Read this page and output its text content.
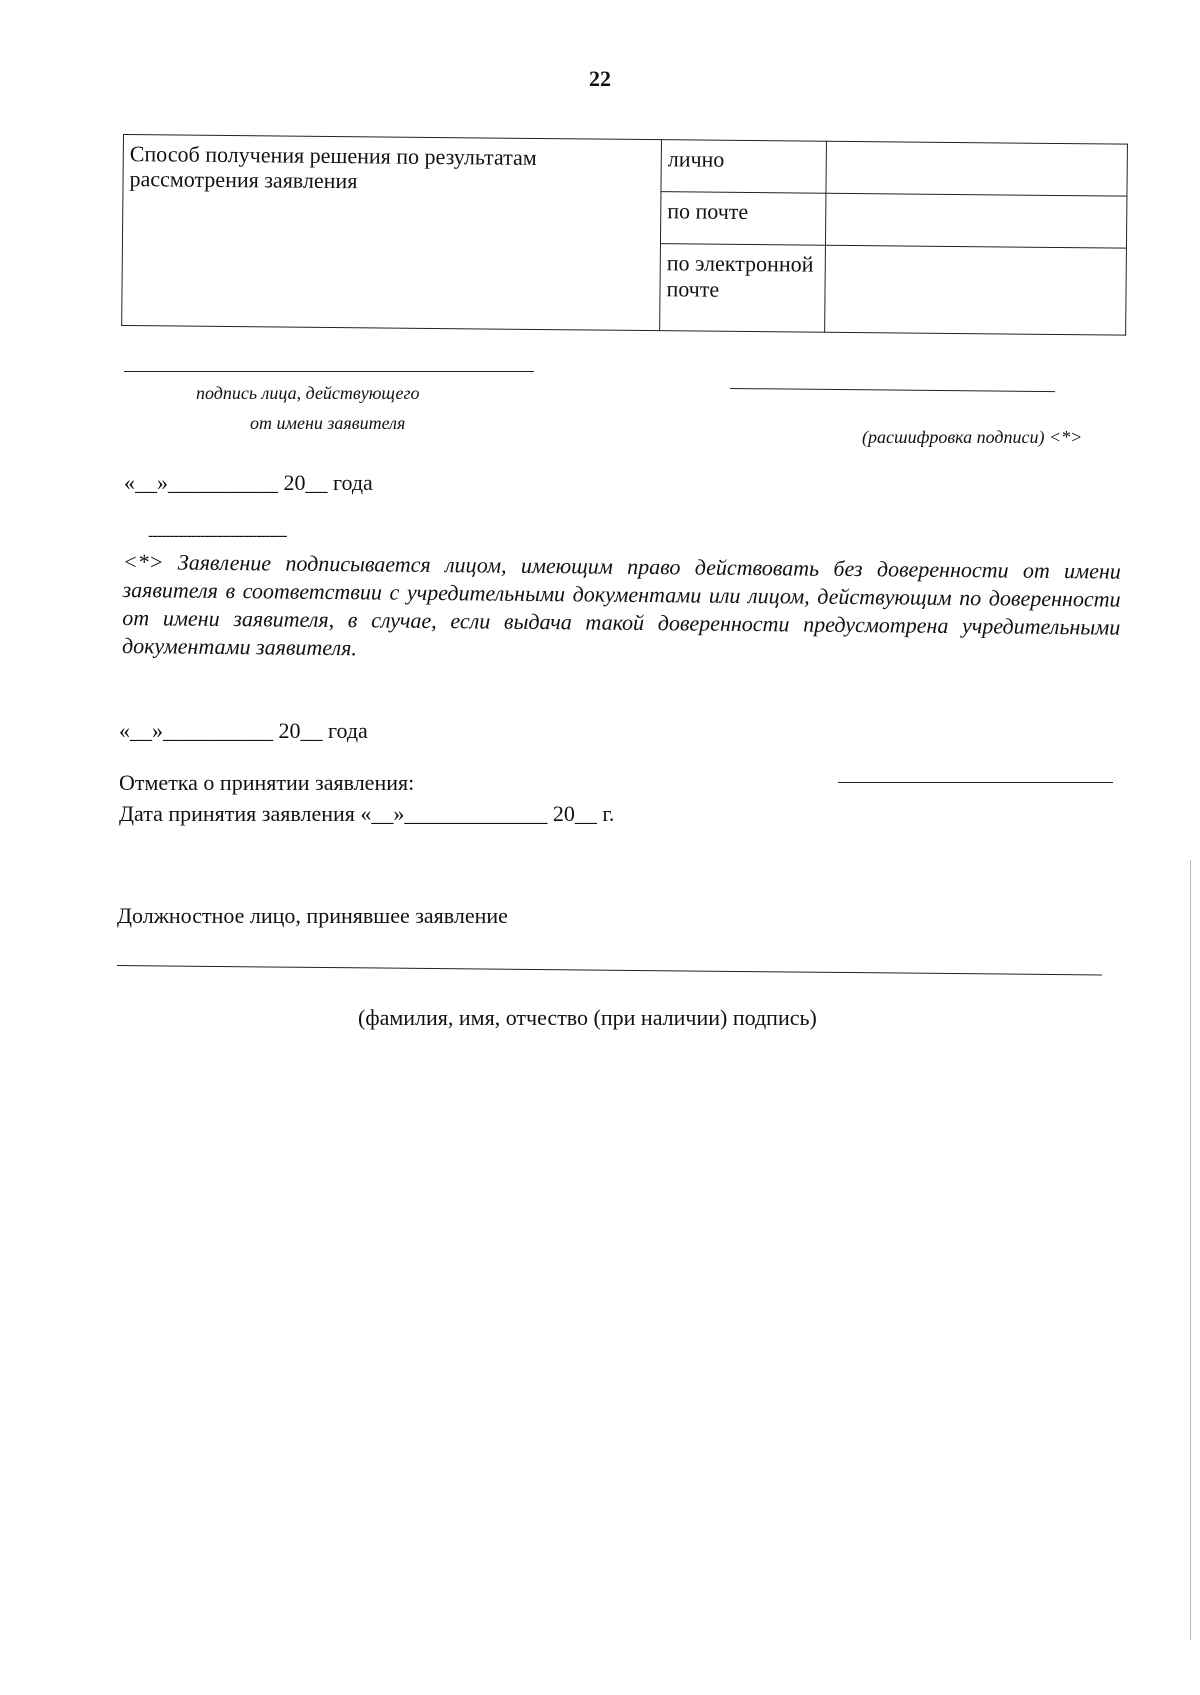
22
Способ получения решения по результатам рассмотрения заявления	лично	
	по почте	
	по электронной почте	
подпись лица, действующего
от имени заявителя
(расшифровка подписи) <*>
«__»__________ 20__ года
--------------------------------
<*> Заявление подписывается лицом, имеющим право действовать без доверенности от имени заявителя в соответствии с учредительными документами или лицом, действующим по доверенности от имени заявителя, в случае, если выдача такой доверенности предусмотрена учредительными документами заявителя.
«__»__________ 20__ года
Отметка о принятии заявления:
Дата принятия заявления «__»_____________ 20__ г.
Должностное лицо, принявшее заявление
(фамилия, имя, отчество (при наличии) подпись)
